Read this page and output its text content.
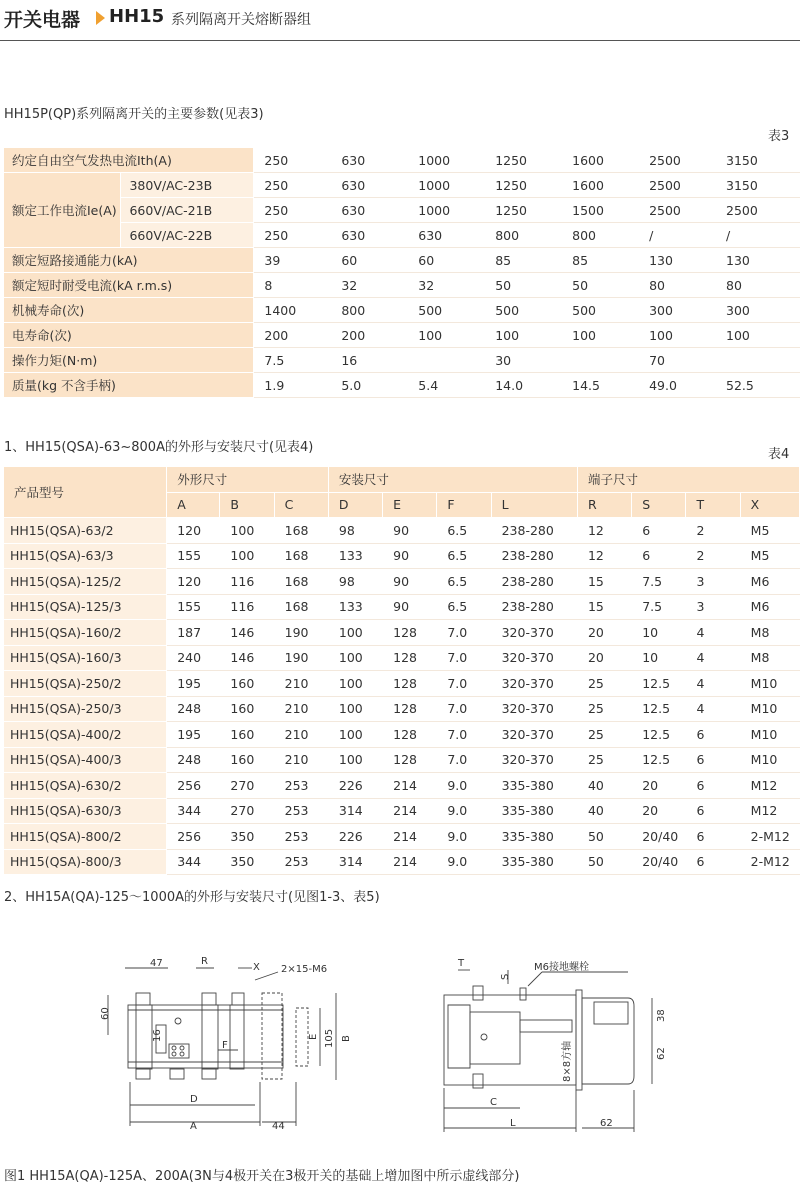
开关电器 HH15 系列隔离开关熔断器组
HH15P(QP)系列隔离开关的主要参数(见表3)
表3
约定自由空气发热电流Ith(A)		250	630	1000	1250	1600	2500	3150
额定工作电流Ie(A)	380V/AC-23B	250	630	1000	1250	1600	2500	3150
	660V/AC-21B	250	630	1000	1250	1500	2500	2500
	660V/AC-22B	250	630	630	800	800	/	/
额定短路接通能力(kA)		39	60	60	85	85	130	130
额定短时耐受电流(kA r.m.s)		8	32	32	50	50	80	80
机械寿命(次)		1400	800	500	500	500	300	300
电寿命(次)		200	200	100	100	100	100	100
操作力矩(N·m)		7.5	16		30		70	
质量(kg 不含手柄)		1.9	5.0	5.4	14.0	14.5	49.0	52.5
1、HH15(QSA)-63~800A的外形与安装尺寸(见表4)	表4
产品型号	外形尺寸			安装尺寸				端子尺寸			
	A	B	C	D	E	F	L	R	S	T	X
HH15(QSA)-63/2	120	100	168	98	90	6.5	238-280	12	6	2	M5
HH15(QSA)-63/3	155	100	168	133	90	6.5	238-280	12	6	2	M5
HH15(QSA)-125/2	120	116	168	98	90	6.5	238-280	15	7.5	3	M6
HH15(QSA)-125/3	155	116	168	133	90	6.5	238-280	15	7.5	3	M6
HH15(QSA)-160/2	187	146	190	100	128	7.0	320-370	20	10	4	M8
HH15(QSA)-160/3	240	146	190	100	128	7.0	320-370	20	10	4	M8
HH15(QSA)-250/2	195	160	210	100	128	7.0	320-370	25	12.5	4	M10
HH15(QSA)-250/3	248	160	210	100	128	7.0	320-370	25	12.5	4	M10
HH15(QSA)-400/2	195	160	210	100	128	7.0	320-370	25	12.5	6	M10
HH15(QSA)-400/3	248	160	210	100	128	7.0	320-370	25	12.5	6	M10
HH15(QSA)-630/2	256	270	253	226	214	9.0	335-380	40	20	6	M12
HH15(QSA)-630/3	344	270	253	314	214	9.0	335-380	40	20	6	M12
HH15(QSA)-800/2	256	350	253	226	214	9.0	335-380	50	20/40	6	2-M12
HH15(QSA)-800/3	344	350	253	314	214	9.0	335-380	50	20/40	6	2-M12
2、HH15A(QA)-125～1000A的外形与安装尺寸(见图1-3、表5)
47	R
X 2×15-M6
60
16	E 105 B
F
D
A	44
T
S
M6接地螺栓
8×8方轴
38
62
C
L	62
图1 HH15A(QA)-125A、200A(3N与4极开关在3极开关的基础上增加图中所示虚线部分)
